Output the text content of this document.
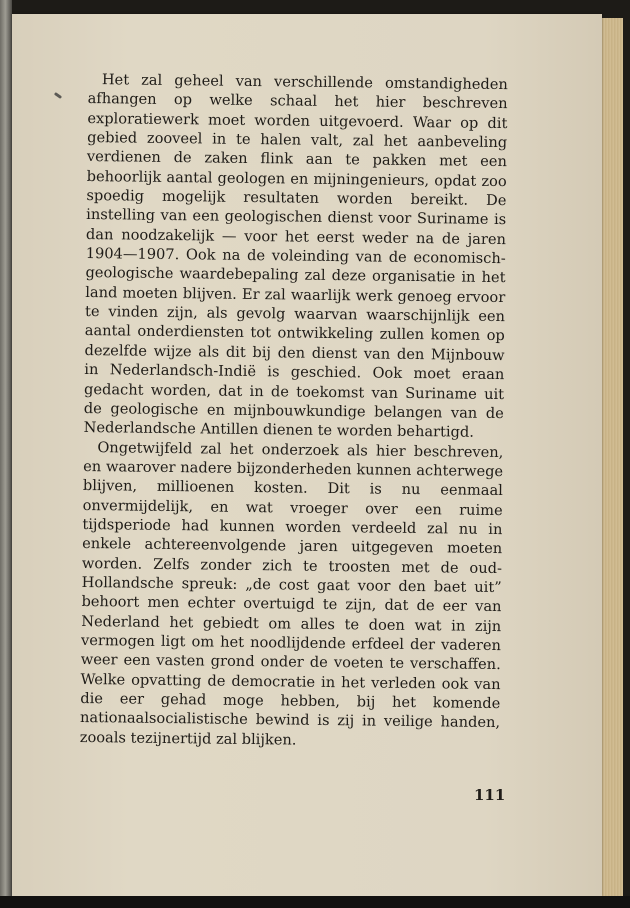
Het zal geheel van verschillende omstandigheden afhangen op welke schaal het hier beschreven exploratiewerk moet worden uitgevoerd. Waar op dit gebied zooveel in te halen valt, zal het aanbeveling verdienen de zaken flink aan te pakken met een behoorlijk aantal geologen en mijningenieurs, opdat zoo spoedig mogelijk resultaten worden bereikt. De instelling van een geologischen dienst voor Suriname is dan noodzakelijk — voor het eerst weder na de jaren 1904—1907. Ook na de voleinding van de economisch-geologische waardebepaling zal deze organisatie in het land moeten blijven. Er zal waarlijk werk genoeg ervoor te vinden zijn, als gevolg waarvan waarschijnlijk een aantal onderdiensten tot ontwikkeling zullen komen op dezelfde wijze als dit bij den dienst van den Mijnbouw in Nederlandsch-Indië is geschied. Ook moet eraan gedacht worden, dat in de toekomst van Suriname uit de geologische en mijnbouwkundige belangen van de Nederlandsche Antillen dienen te worden behartigd.

Ongetwijfeld zal het onderzoek als hier beschreven, en waarover nadere bijzonderheden kunnen achterwege blijven, millioenen kosten. Dit is nu eenmaal onvermijdelijk, en wat vroeger over een ruime tijdsperiode had kunnen worden verdeeld zal nu in enkele achtereenvolgende jaren uitgegeven moeten worden. Zelfs zonder zich te troosten met de oud-Hollandsche spreuk: „de cost gaat voor den baet uit” behoort men echter overtuigd te zijn, dat de eer van Nederland het gebiedt om alles te doen wat in zijn vermogen ligt om het noodlijdende erfdeel der vaderen weer een vasten grond onder de voeten te verschaffen. Welke opvatting de democratie in het verleden ook van die eer gehad moge hebben, bij het komende nationaalsocialistische bewind is zij in veilige handen, zooals tezijnertijd zal blijken.

111
